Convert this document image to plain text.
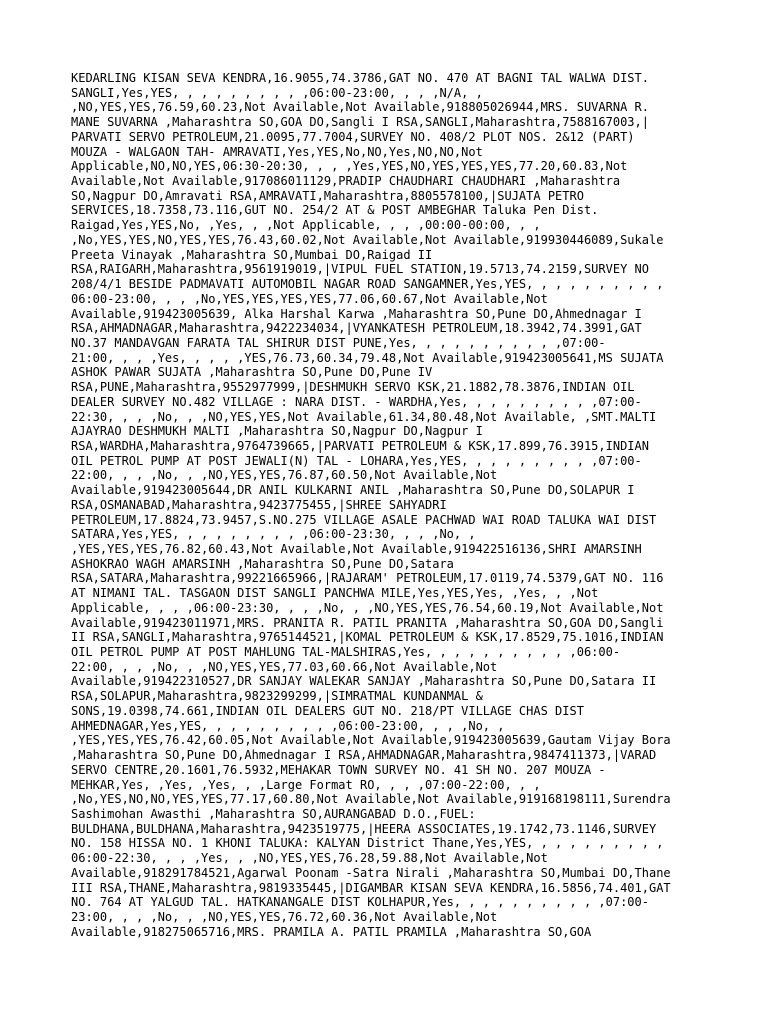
KEDARLING KISAN SEVA KENDRA,16.9055,74.3786,GAT NO. 470 AT BAGNI TAL WALWA DIST.
SANGLI,Yes,YES, , , , , , , , , ,06:00-23:00, , , ,N/A, ,
,NO,YES,YES,76.59,60.23,Not Available,Not Available,918805026944,MRS. SUVARNA R.
MANE SUVARNA ,Maharashtra SO,GOA DO,Sangli I RSA,SANGLI,Maharashtra,7588167003,|
PARVATI SERVO PETROLEUM,21.0095,77.7004,SURVEY NO. 408/2 PLOT NOS. 2&12 (PART)
MOUZA - WALGAON TAH- AMRAVATI,Yes,YES,No,NO,Yes,NO,NO,Not
Applicable,NO,NO,YES,06:30-20:30, , , ,Yes,YES,NO,YES,YES,YES,77.20,60.83,Not
Available,Not Available,917086011129,PRADIP CHAUDHARI CHAUDHARI ,Maharashtra
SO,Nagpur DO,Amravati RSA,AMRAVATI,Maharashtra,8805578100,|SUJATA PETRO
SERVICES,18.7358,73.116,GUT NO. 254/2 AT & POST AMBEGHAR Taluka Pen Dist.
Raigad,Yes,YES,No, ,Yes, , ,Not Applicable, , , ,00:00-00:00, , ,
,No,YES,YES,NO,YES,YES,76.43,60.02,Not Available,Not Available,919930446089,Sukale
Preeta Vinayak ,Maharashtra SO,Mumbai DO,Raigad II
RSA,RAIGARH,Maharashtra,9561919019,|VIPUL FUEL STATION,19.5713,74.2159,SURVEY NO
208/4/1 BESIDE PADMAVATI AUTOMOBIL NAGAR ROAD SANGAMNER,Yes,YES, , , , , , , , , ,
06:00-23:00, , , ,No,YES,YES,YES,YES,77.06,60.67,Not Available,Not
Available,919423005639, Alka Harshal Karwa ,Maharashtra SO,Pune DO,Ahmednagar I
RSA,AHMADNAGAR,Maharashtra,9422234034,|VYANKATESH PETROLEUM,18.3942,74.3991,GAT
NO.37 MANDAVGAN FARATA TAL SHIRUR DIST PUNE,Yes, , , , , , , , , , ,07:00-
21:00, , , ,Yes, , , , ,YES,76.73,60.34,79.48,Not Available,919423005641,MS SUJATA
ASHOK PAWAR SUJATA ,Maharashtra SO,Pune DO,Pune IV
RSA,PUNE,Maharashtra,9552977999,|DESHMUKH SERVO KSK,21.1882,78.3876,INDIAN OIL
DEALER SURVEY NO.482 VILLAGE : NARA DIST. - WARDHA,Yes, , , , , , , , , ,07:00-
22:30, , , ,No, , ,NO,YES,YES,Not Available,61.34,80.48,Not Available, ,SMT.MALTI
AJAYRAO DESHMUKH MALTI ,Maharashtra SO,Nagpur DO,Nagpur I
RSA,WARDHA,Maharashtra,9764739665,|PARVATI PETROLEUM & KSK,17.899,76.3915,INDIAN
OIL PETROL PUMP AT POST JEWALI(N) TAL - LOHARA,Yes,YES, , , , , , , , , ,07:00-
22:00, , , ,No, , ,NO,YES,YES,76.87,60.50,Not Available,Not
Available,919423005644,DR ANIL KULKARNI ANIL ,Maharashtra SO,Pune DO,SOLAPUR I
RSA,OSMANABAD,Maharashtra,9423775455,|SHREE SAHYADRI
PETROLEUM,17.8824,73.9457,S.NO.275 VILLAGE ASALE PACHWAD WAI ROAD TALUKA WAI DIST
SATARA,Yes,YES, , , , , , , , , ,06:00-23:30, , , ,No, ,
,YES,YES,YES,76.82,60.43,Not Available,Not Available,919422516136,SHRI AMARSINH
ASHOKRAO WAGH AMARSINH ,Maharashtra SO,Pune DO,Satara
RSA,SATARA,Maharashtra,99221665966,|RAJARAM' PETROLEUM,17.0119,74.5379,GAT NO. 116
AT NIMANI TAL. TASGAON DIST SANGLI PANCHWA MILE,Yes,YES,Yes, ,Yes, , ,Not
Applicable, , , ,06:00-23:30, , , ,No, , ,NO,YES,YES,76.54,60.19,Not Available,Not
Available,919423011971,MRS. PRANITA R. PATIL PRANITA ,Maharashtra SO,GOA DO,Sangli
II RSA,SANGLI,Maharashtra,9765144521,|KOMAL PETROLEUM & KSK,17.8529,75.1016,INDIAN
OIL PETROL PUMP AT POST MAHLUNG TAL-MALSHIRAS,Yes, , , , , , , , , , ,06:00-
22:00, , , ,No, , ,NO,YES,YES,77.03,60.66,Not Available,Not
Available,919422310527,DR SANJAY WALEKAR SANJAY ,Maharashtra SO,Pune DO,Satara II
RSA,SOLAPUR,Maharashtra,9823299299,|SIMRATMAL KUNDANMAL &
SONS,19.0398,74.661,INDIAN OIL DEALERS GUT NO. 218/PT VILLAGE CHAS DIST
AHMEDNAGAR,Yes,YES, , , , , , , , , ,06:00-23:00, , , ,No, ,
,YES,YES,YES,76.42,60.05,Not Available,Not Available,919423005639,Gautam Vijay Bora
,Maharashtra SO,Pune DO,Ahmednagar I RSA,AHMADNAGAR,Maharashtra,9847411373,|VARAD
SERVO CENTRE,20.1601,76.5932,MEHAKAR TOWN SURVEY NO. 41 SH NO. 207 MOUZA -
MEHKAR,Yes, ,Yes, ,Yes, , ,Large Format RO, , , ,07:00-22:00, , ,
,No,YES,NO,NO,YES,YES,77.17,60.80,Not Available,Not Available,919168198111,Surendra
Sashimohan Awasthi ,Maharashtra SO,AURANGABAD D.O.,FUEL:
BULDHANA,BULDHANA,Maharashtra,9423519775,|HEERA ASSOCIATES,19.1742,73.1146,SURVEY
NO. 158 HISSA NO. 1 KHONI TALUKA: KALYAN District Thane,Yes,YES, , , , , , , , , ,
06:00-22:30, , , ,Yes, , ,NO,YES,YES,76.28,59.88,Not Available,Not
Available,918291784521,Agarwal Poonam -Satra Nirali ,Maharashtra SO,Mumbai DO,Thane
III RSA,THANE,Maharashtra,9819335445,|DIGAMBAR KISAN SEVA KENDRA,16.5856,74.401,GAT
NO. 764 AT YALGUD TAL. HATKANANGALE DIST KOLHAPUR,Yes, , , , , , , , , , ,07:00-
23:00, , , ,No, , ,NO,YES,YES,76.72,60.36,Not Available,Not
Available,918275065716,MRS. PRAMILA A. PATIL PRAMILA ,Maharashtra SO,GOA
